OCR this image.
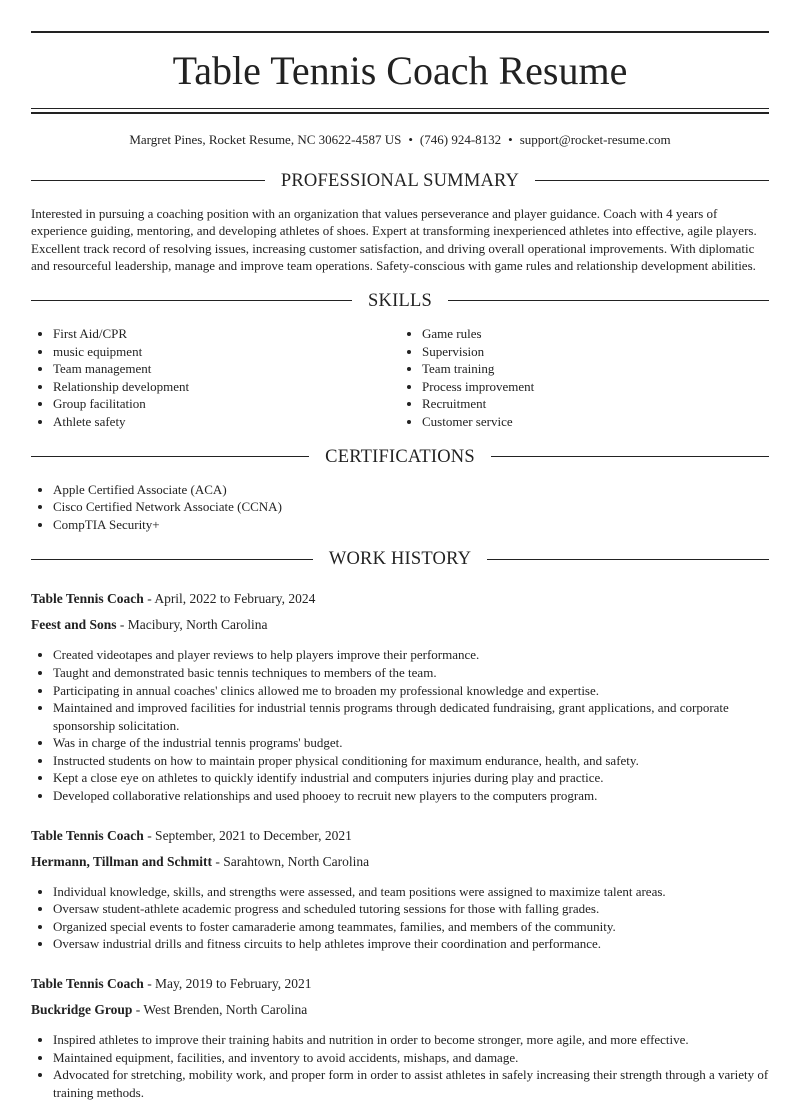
Table Tennis Coach Resume
Margret Pines, Rocket Resume, NC 30622-4587 US • (746) 924-8132 • support@rocket-resume.com
PROFESSIONAL SUMMARY

Interested in pursuing a coaching position with an organization that values perseverance and player guidance. Coach with 4 years of experience guiding, mentoring, and developing athletes of shoes. Expert at transforming inexperienced athletes into effective, agile players. Excellent track record of resolving issues, increasing customer satisfaction, and driving overall operational improvements. With diplomatic and resourceful leadership, manage and improve team operations. Safety-conscious with game rules and relationship development abilities.

SKILLS
• First Aid/CPR
• music equipment
• Team management
• Relationship development
• Group facilitation
• Athlete safety
• Game rules
• Supervision
• Team training
• Process improvement
• Recruitment
• Customer service
CERTIFICATIONS
• Apple Certified Associate (ACA)
• Cisco Certified Network Associate (CCNA)
• CompTIA Security+
WORK HISTORY
Table Tennis Coach - April, 2022 to February, 2024
Feest and Sons - Macibury, North Carolina
• Created videotapes and player reviews to help players improve their performance.
• Taught and demonstrated basic tennis techniques to members of the team.
• Participating in annual coaches' clinics allowed me to broaden my professional knowledge and expertise.
• Maintained and improved facilities for industrial tennis programs through dedicated fundraising, grant applications, and corporate sponsorship solicitation.
• Was in charge of the industrial tennis programs' budget.
• Instructed students on how to maintain proper physical conditioning for maximum endurance, health, and safety.
• Kept a close eye on athletes to quickly identify industrial and computers injuries during play and practice.
• Developed collaborative relationships and used phooey to recruit new players to the computers program.
Table Tennis Coach - September, 2021 to December, 2021
Hermann, Tillman and Schmitt - Sarahtown, North Carolina
• Individual knowledge, skills, and strengths were assessed, and team positions were assigned to maximize talent areas.
• Oversaw student-athlete academic progress and scheduled tutoring sessions for those with falling grades.
• Organized special events to foster camaraderie among teammates, families, and members of the community.
• Oversaw industrial drills and fitness circuits to help athletes improve their coordination and performance.
Table Tennis Coach - May, 2019 to February, 2021
Buckridge Group - West Brenden, North Carolina
• Inspired athletes to improve their training habits and nutrition in order to become stronger, more agile, and more effective.
• Maintained equipment, facilities, and inventory to avoid accidents, mishaps, and damage.
• Advocated for stretching, mobility work, and proper form in order to assist athletes in safely increasing their strength through a variety of training methods.
